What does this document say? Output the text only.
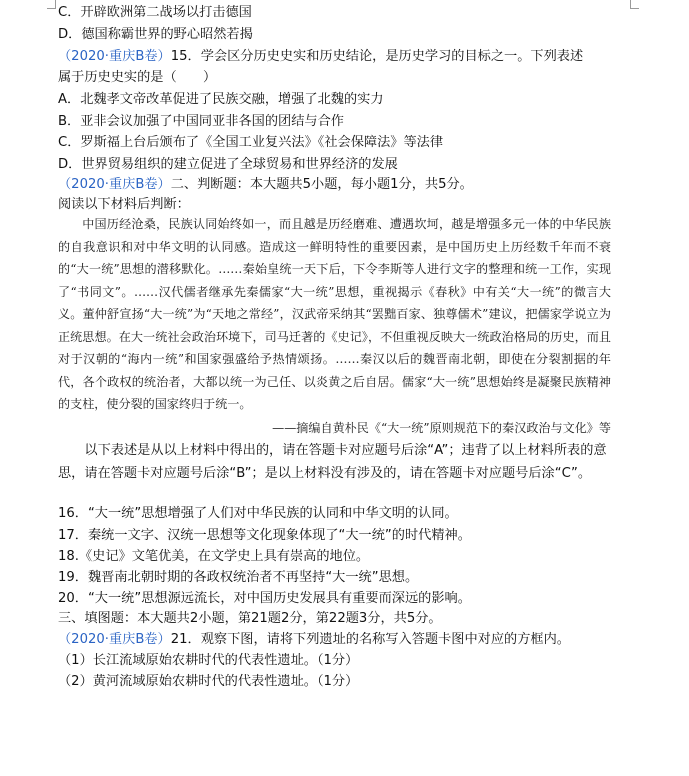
C．开辟欧洲第二战场以打击德国
D．德国称霸世界的野心昭然若揭
（2020·重庆B卷）15．学会区分历史史实和历史结论，是历史学习的目标之一。下列表述
属于历史史实的是（　　）
A．北魏孝文帝改革促进了民族交融，增强了北魏的实力
B．亚非会议加强了中国同亚非各国的团结与合作
C．罗斯福上台后颁布了《全国工业复兴法》《社会保障法》等法律
D．世界贸易组织的建立促进了全球贸易和世界经济的发展
（2020·重庆B卷）二、判断题：本大题共5小题，每小题1分，共5分。
阅读以下材料后判断：
中国历经沧桑，民族认同始终如一，而且越是历经磨难、遭遇坎坷，越是增强多元一体的中华民族的自我意识和对中华文明的认同感。造成这一鲜明特性的重要因素，是中国历史上历经数千年而不衰的“大一统”思想的潜移默化。……秦始皇统一天下后，下令李斯等人进行文字的整理和统一工作，实现了“书同文”。……汉代儒者继承先秦儒家“大一统”思想，重视揭示《春秋》中有关“大一统”的微言大义。董仲舒宣扬“大一统”为“天地之常经”，汉武帝采纳其“罢黜百家、独尊儒术”建议，把儒家学说立为正统思想。在大一统社会政治环境下，司马迁著的《史记》，不但重视反映大一统政治格局的历史，而且对于汉朝的“海内一统”和国家强盛给予热情颂扬。……秦汉以后的魏晋南北朝，即使在分裂割据的年代，各个政权的统治者，大都以统一为己任、以炎黄之后自居。儒家“大一统”思想始终是凝聚民族精神的支柱，使分裂的国家终归于统一。
——摘编自黄朴民《“大一统”原则规范下的秦汉政治与文化》等
以下表述是从以上材料中得出的，请在答题卡对应题号后涂“A”；违背了以上材料所表的意思，请在答题卡对应题号后涂“B”；是以上材料没有涉及的，请在答题卡对应题号后涂“C”。
16．“大一统”思想增强了人们对中华民族的认同和中华文明的认同。
17．秦统一文字、汉统一思想等文化现象体现了“大一统”的时代精神。
18.《史记》文笔优美，在文学史上具有崇高的地位。
19．魏晋南北朝时期的各政权统治者不再坚持“大一统”思想。
20．“大一统”思想源远流长，对中国历史发展具有重要而深远的影响。
三、填图题：本大题共2小题，第21题2分，第22题3分，共5分。
（2020·重庆B卷）21．观察下图，请将下列遗址的名称写入答题卡图中对应的方框内。
（1）长江流域原始农耕时代的代表性遗址。（1分）
（2）黄河流域原始农耕时代的代表性遗址。（1分）
